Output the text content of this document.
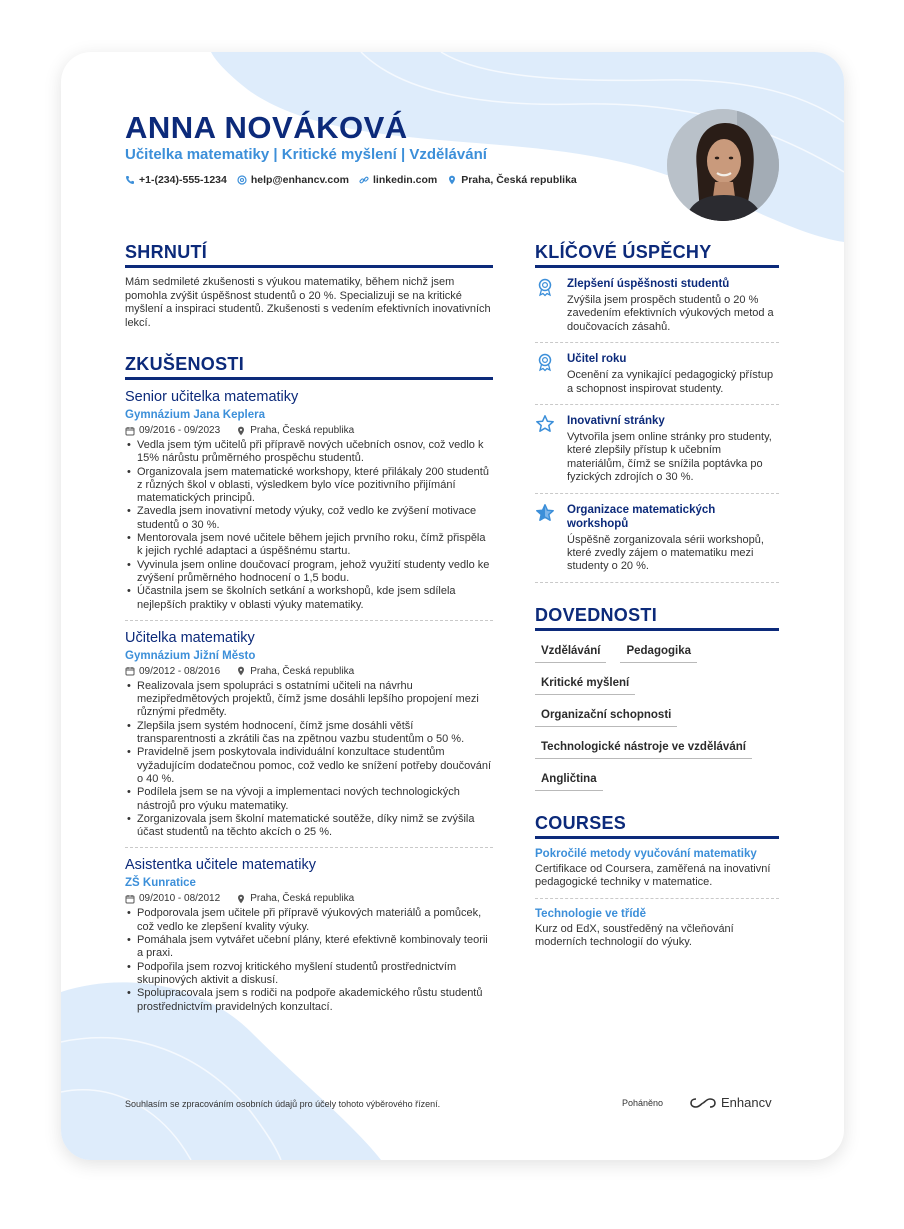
ANNA NOVÁKOVÁ
Učitelka matematiky | Kritické myšlení | Vzdělávání
+1-(234)-555-1234 help@enhancv.com linkedin.com Praha, Česká republika
SHRNUTÍ
Mám sedmileté zkušenosti s výukou matematiky, během nichž jsem pomohla zvýšit úspěšnost studentů o 20 %. Specializuji se na kritické myšlení a inspiraci studentů. Zkušenosti s vedením efektivních inovativních lekcí.
ZKUŠENOSTI
Senior učitelka matematiky
Gymnázium Jana Keplera
09/2016 - 09/2023	Praha, Česká republika
• Vedla jsem tým učitelů při přípravě nových učebních osnov, což vedlo k 15% nárůstu průměrného prospěchu studentů.
• Organizovala jsem matematické workshopy, které přilákaly 200 studentů z různých škol v oblasti, výsledkem bylo více pozitivního přijímání matematických principů.
• Zavedla jsem inovativní metody výuky, což vedlo ke zvýšení motivace studentů o 30 %.
• Mentorovala jsem nové učitele během jejich prvního roku, čímž přispěla k jejich rychlé adaptaci a úspěšnému startu.
• Vyvinula jsem online doučovací program, jehož využití studenty vedlo ke zvýšení průměrného hodnocení o 1,5 bodu.
• Účastnila jsem se školních setkání a workshopů, kde jsem sdílela nejlepších praktiky v oblasti výuky matematiky.
Učitelka matematiky
Gymnázium Jižní Město
09/2012 - 08/2016	Praha, Česká republika
• Realizovala jsem spolupráci s ostatními učiteli na návrhu mezipředmětových projektů, čímž jsme dosáhli lepšího propojení mezi různými předměty.
• Zlepšila jsem systém hodnocení, čímž jsme dosáhli větší transparentnosti a zkrátili čas na zpětnou vazbu studentům o 50 %.
• Pravidelně jsem poskytovala individuální konzultace studentům vyžadujícím dodatečnou pomoc, což vedlo ke snížení potřeby doučování o 40 %.
• Podílela jsem se na vývoji a implementaci nových technologických nástrojů pro výuku matematiky.
• Zorganizovala jsem školní matematické soutěže, díky nimž se zvýšila účast studentů na těchto akcích o 25 %.
Asistentka učitele matematiky
ZŠ Kunratice
09/2010 - 08/2012	Praha, Česká republika
• Podporovala jsem učitele při přípravě výukových materiálů a pomůcek, což vedlo ke zlepšení kvality výuky.
• Pomáhala jsem vytvářet učební plány, které efektivně kombinovaly teorii a praxi.
• Podpořila jsem rozvoj kritického myšlení studentů prostřednictvím skupinových aktivit a diskusí.
• Spolupracovala jsem s rodiči na podpoře akademického růstu studentů prostřednictvím pravidelných konzultací.
KLÍČOVÉ ÚSPĚCHY
Zlepšení úspěšnosti studentů
Zvýšila jsem prospěch studentů o 20 % zavedením efektivních výukových metod a doučovacích zásahů.
Učitel roku
Ocenění za vynikající pedagogický přístup a schopnost inspirovat studenty.
Inovativní stránky
Vytvořila jsem online stránky pro studenty, které zlepšily přístup k učebním materiálům, čímž se snížila poptávka po fyzických zdrojích o 30 %.
Organizace matematických workshopů
Úspěšně zorganizovala sérii workshopů, které zvedly zájem o matematiku mezi studenty o 20 %.
DOVEDNOSTI
Vzdělávání	Pedagogika
Kritické myšlení
Organizační schopnosti
Technologické nástroje ve vzdělávání
Angličtina
COURSES
Pokročilé metody vyučování matematiky
Certifikace od Coursera, zaměřená na inovativní pedagogické techniky v matematice.
Technologie ve třídě
Kurz od EdX, soustředěný na včleňování moderních technologií do výuky.
Souhlasím se zpracováním osobních údajů pro účely tohoto výběrového řízení.	Poháněno	Enhancv
